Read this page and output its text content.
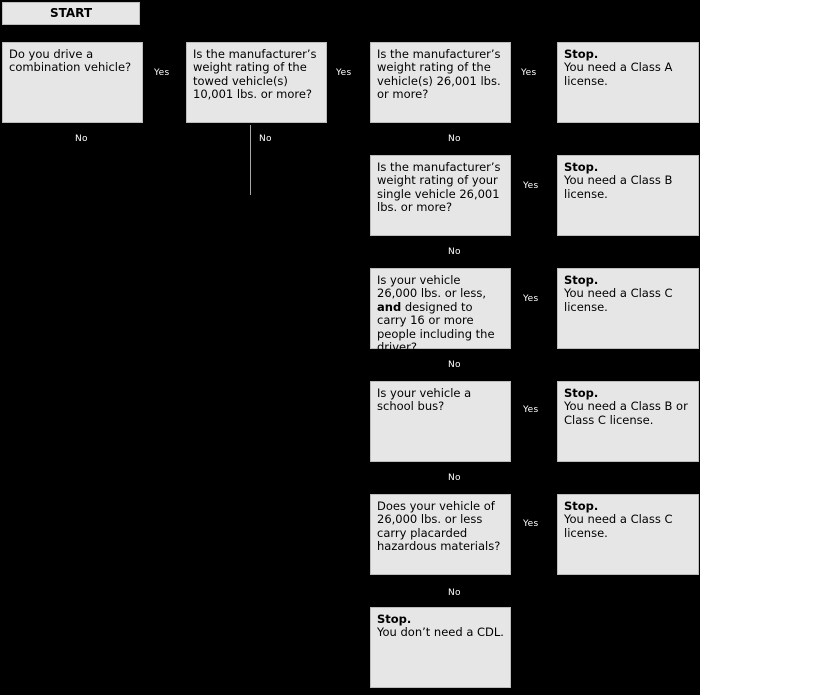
START
Do you drive a combination vehicle?	Yes
Is the manufacturer’s weight rating of the towed vehicle(s) 10,001 lbs. or more?
Yes
Is the manufacturer’s weight rating of the vehicle(s) 26,001 lbs. or more?
Yes
Stop.
You need a Class A license.
No	No	No
Is the manufacturer’s weight rating of your single vehicle 26,001 lbs. or more?
Yes
Stop.
You need a Class B license.
No
Is your vehicle 26,000 lbs. or less, and designed to carry 16 or more people including the driver?
Yes
Stop.
You need a Class C license.
No
Is your vehicle a school bus?	Yes
Stop.
You need a Class B or Class C license.
No
Does your vehicle of 26,000 lbs. or less carry placarded hazardous materials?
Yes
Stop.
You need a Class C license.
No
Stop.
You don’t need a CDL.
